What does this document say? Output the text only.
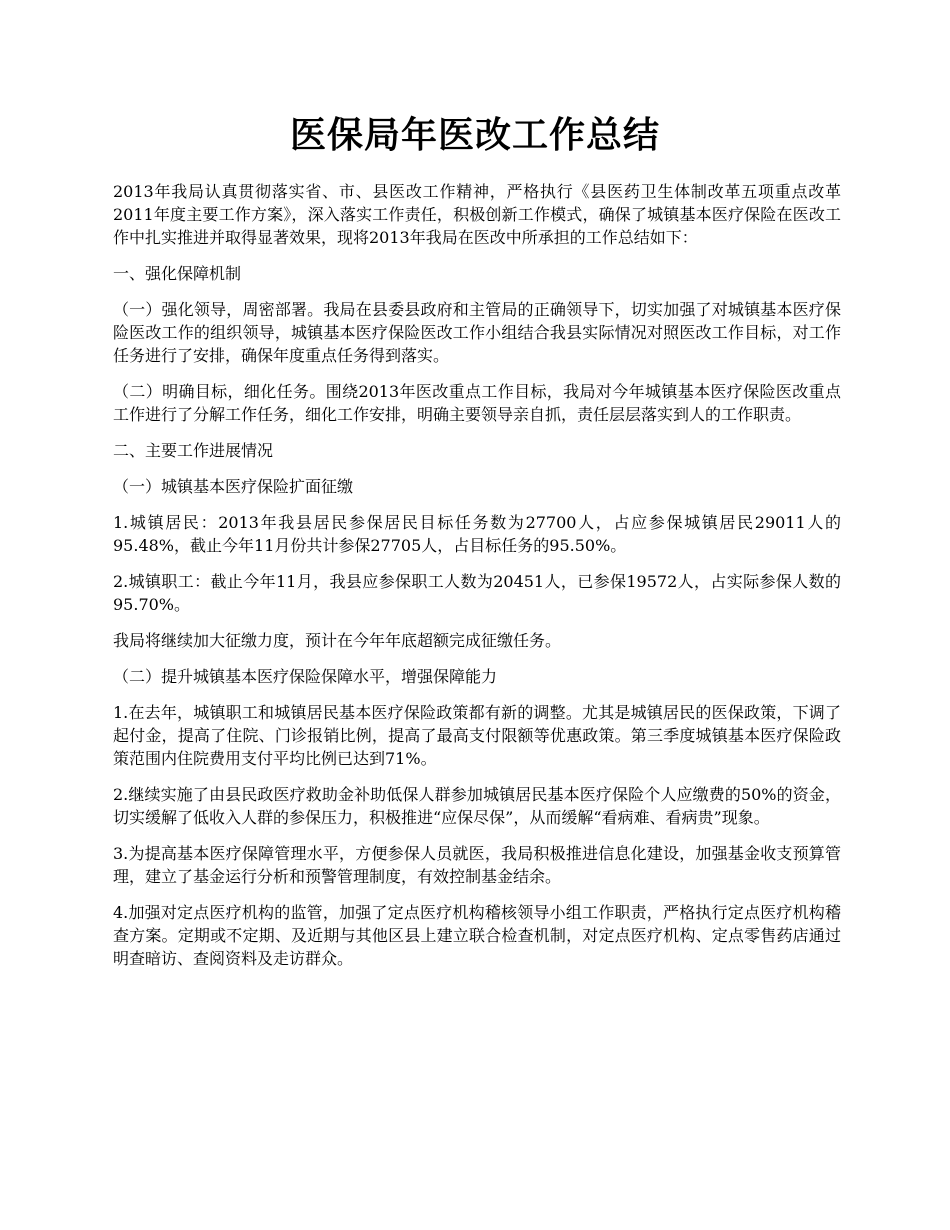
医保局年医改工作总结

2013年我局认真贯彻落实省、市、县医改工作精神，严格执行《县医药卫生体制改革五项重点改革2011年度主要工作方案》，深入落实工作责任，积极创新工作模式，确保了城镇基本医疗保险在医改工作中扎实推进并取得显著效果，现将2013年我局在医改中所承担的工作总结如下：

一、强化保障机制

（一）强化领导，周密部署。我局在县委县政府和主管局的正确领导下，切实加强了对城镇基本医疗保险医改工作的组织领导，城镇基本医疗保险医改工作小组结合我县实际情况对照医改工作目标，对工作任务进行了安排，确保年度重点任务得到落实。

（二）明确目标，细化任务。围绕2013年医改重点工作目标，我局对今年城镇基本医疗保险医改重点工作进行了分解工作任务，细化工作安排，明确主要领导亲自抓，责任层层落实到人的工作职责。

二、主要工作进展情况

（一）城镇基本医疗保险扩面征缴

1.城镇居民：2013年我县居民参保居民目标任务数为27700人，占应参保城镇居民29011人的95.48%，截止今年11月份共计参保27705人，占目标任务的95.50%。

2.城镇职工：截止今年11月，我县应参保职工人数为20451人，已参保19572人，占实际参保人数的95.70%。

我局将继续加大征缴力度，预计在今年年底超额完成征缴任务。

（二）提升城镇基本医疗保险保障水平，增强保障能力

1.在去年，城镇职工和城镇居民基本医疗保险政策都有新的调整。尤其是城镇居民的医保政策，下调了起付金，提高了住院、门诊报销比例，提高了最高支付限额等优惠政策。第三季度城镇基本医疗保险政策范围内住院费用支付平均比例已达到71%。

2.继续实施了由县民政医疗救助金补助低保人群参加城镇居民基本医疗保险个人应缴费的50%的资金，切实缓解了低收入人群的参保压力，积极推进“应保尽保”，从而缓解“看病难、看病贵”现象。

3.为提高基本医疗保障管理水平，方便参保人员就医，我局积极推进信息化建设，加强基金收支预算管理，建立了基金运行分析和预警管理制度，有效控制基金结余。

4.加强对定点医疗机构的监管，加强了定点医疗机构稽核领导小组工作职责，严格执行定点医疗机构稽查方案。定期或不定期、及近期与其他区县上建立联合检查机制，对定点医疗机构、定点零售药店通过明查暗访、查阅资料及走访群众。
